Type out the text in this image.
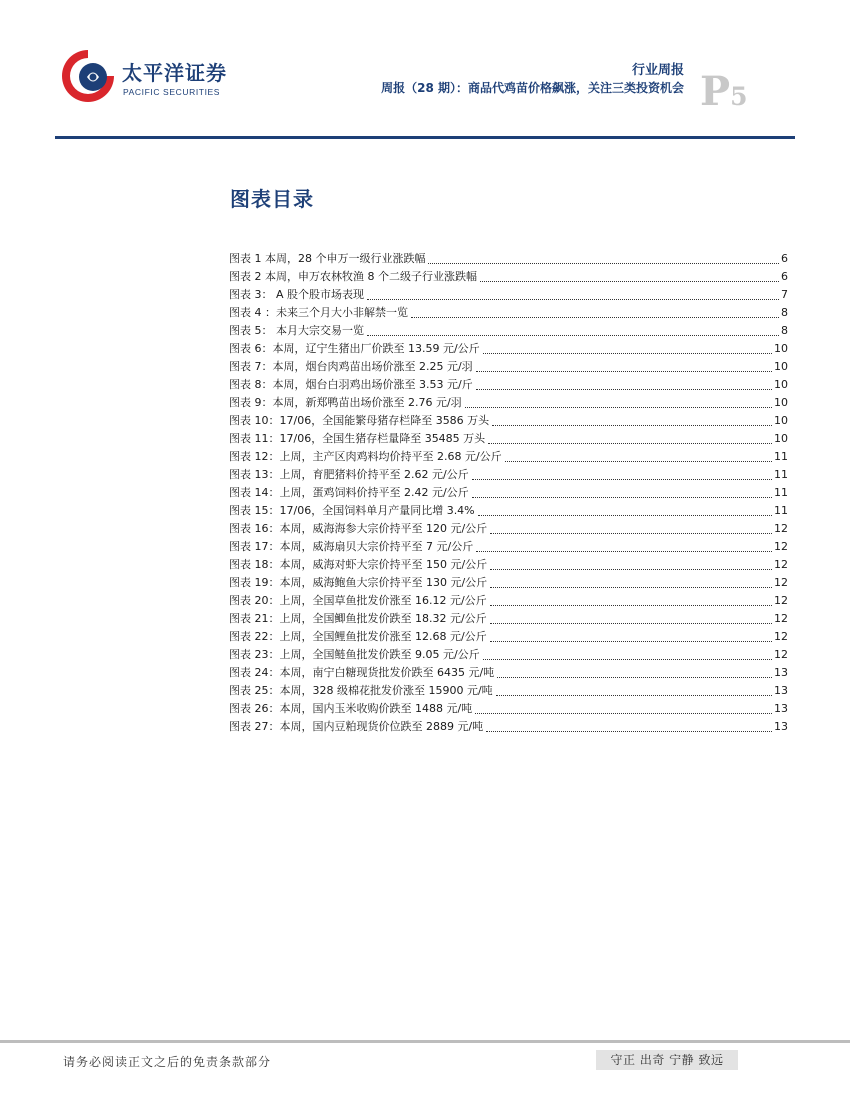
太平洋证券
PACIFIC SECURITIES
行业周报
周报（28 期）：商品代鸡苗价格飙涨，关注三类投资机会 P5
图表目录
图表 1 本周，28 个申万一级行业涨跌幅	6
图表 2 本周，申万农林牧渔 8 个二级子行业涨跌幅	6
图表 3： A 股个股市场表现	7
图表 4 ：未来三个月大小非解禁一览	8
图表 5： 本月大宗交易一览	8
图表 6：本周，辽宁生猪出厂价跌至 13.59 元/公斤	10
图表 7：本周，烟台肉鸡苗出场价涨至 2.25 元/羽	10
图表 8：本周，烟台白羽鸡出场价涨至 3.53 元/斤	10
图表 9：本周，新郑鸭苗出场价涨至 2.76 元/羽	10
图表 10：17/06，全国能繁母猪存栏降至 3586 万头	10
图表 11：17/06，全国生猪存栏量降至 35485 万头	10
图表 12：上周，主产区肉鸡料均价持平至 2.68 元/公斤	11
图表 13：上周，育肥猪料价持平至 2.62 元/公斤	11
图表 14：上周，蛋鸡饲料价持平至 2.42 元/公斤	11
图表 15：17/06，全国饲料单月产量同比增 3.4%	11
图表 16：本周，威海海参大宗价持平至 120 元/公斤	12
图表 17：本周，威海扇贝大宗价持平至 7 元/公斤	12
图表 18：本周，威海对虾大宗价持平至 150 元/公斤	12
图表 19：本周，威海鲍鱼大宗价持平至 130 元/公斤	12
图表 20：上周，全国草鱼批发价涨至 16.12 元/公斤	12
图表 21：上周，全国鲫鱼批发价跌至 18.32 元/公斤	12
图表 22：上周，全国鲤鱼批发价涨至 12.68 元/公斤	12
图表 23：上周，全国鲢鱼批发价跌至 9.05 元/公斤	12
图表 24：本周，南宁白糖现货批发价跌至 6435 元/吨	13
图表 25：本周，328 级棉花批发价涨至 15900 元/吨	13
图表 26：本周，国内玉米收购价跌至 1488 元/吨	13
图表 27：本周，国内豆粕现货价位跌至 2889 元/吨	13
请务必阅读正文之后的免责条款部分	守正 出奇 宁静 致远
